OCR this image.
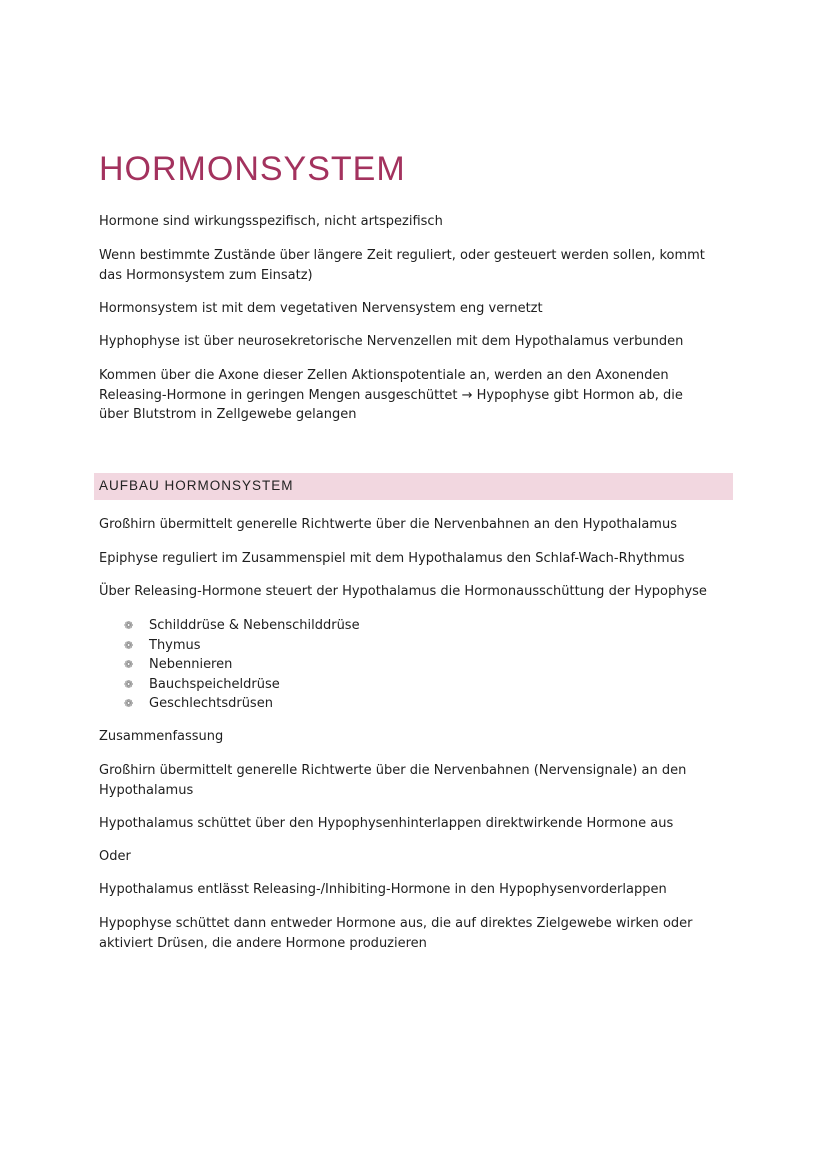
HORMONSYSTEM

Hormone sind wirkungsspezifisch, nicht artspezifisch

Wenn bestimmte Zustände über längere Zeit reguliert, oder gesteuert werden sollen, kommt das Hormonsystem zum Einsatz)

Hormonsystem ist mit dem vegetativen Nervensystem eng vernetzt

Hyphophyse ist über neurosekretorische Nervenzellen mit dem Hypothalamus verbunden

Kommen über die Axone dieser Zellen Aktionspotentiale an, werden an den Axonenden Releasing-Hormone in geringen Mengen ausgeschüttet → Hypophyse gibt Hormon ab, die über Blutstrom in Zellgewebe gelangen

AUFBAU HORMONSYSTEM

Großhirn übermittelt generelle Richtwerte über die Nervenbahnen an den Hypothalamus

Epiphyse reguliert im Zusammenspiel mit dem Hypothalamus den Schlaf-Wach-Rhythmus

Über Releasing-Hormone steuert der Hypothalamus die Hormonausschüttung der Hypophyse

❁ Schilddrüse & Nebenschilddrüse
❁ Thymus
❁ Nebennieren
❁ Bauchspeicheldrüse
❁ Geschlechtsdrüsen

Zusammenfassung

Großhirn übermittelt generelle Richtwerte über die Nervenbahnen (Nervensignale) an den Hypothalamus

Hypothalamus schüttet über den Hypophysenhinterlappen direktwirkende Hormone aus

Oder

Hypothalamus entlässt Releasing-/Inhibiting-Hormone in den Hypophysenvorderlappen

Hypophyse schüttet dann entweder Hormone aus, die auf direktes Zielgewebe wirken oder aktiviert Drüsen, die andere Hormone produzieren
